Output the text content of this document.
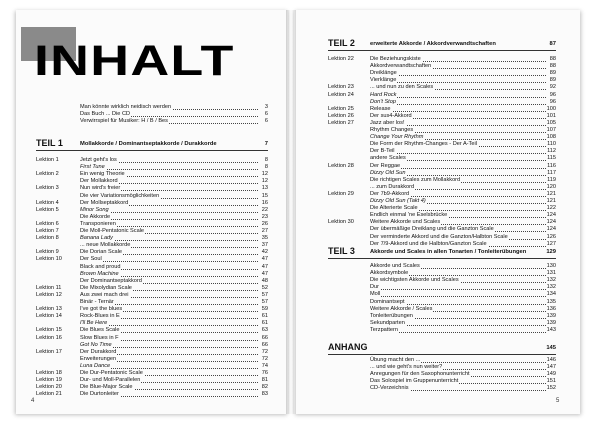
INHALT
Man könnte wirklich neidisch werden	3
Das Buch ... Die CD	6
Verwirrspiel für Musiker: H / B / Bes	6
TEIL 1	Mollakkorde / Dominantseptakkorde / Durakkorde	7
Lektion 1	Jetzt geht's los	8
First Tune	8
Lektion 2	Ein wenig Theorie	12
Der Mollakkord	12
Lektion 3	Nun wird's freier	13
Die vier Variationsmöglichkeiten	15
Lektion 4	Der Mollseptakkord	16
Lektion 5	Minor Song	22
Die Akkorde	23
Lektion 6	Transponieren	26
Lektion 7	Die Moll-Pentatonic Scale	27
Lektion 8	Banana Lady	35
... neue Mollakkorde	37
Lektion 9	Die Dorian Scale	42
Lektion 10	Der Soul	47
Black and proud	47
Brown Machine	47
Der Dominantseptakkord	48
Lektion 11	Die Mixolydian Scale	52
Lektion 12	Aus zwei mach drei	57
Binär - Ternär	57
Lektion 13	I've got the blues	59
Lektion 14	Rock-Blues in E	61
I'll Be Here	61
Lektion 15	Die Blues Scale	63
Lektion 16	Slow Blues in F	66
Got No Time	66
Lektion 17	Der Durakkord	72
Erweiterungen	72
Luna Dance	74
Lektion 18	Die Dur-Pentatonic Scale	76
Lektion 19	Dur- und Moll-Parallelen	81
Lektion 20	Die Blue-Major Scale	82
Lektion 21	Die Durtonleiter	83
TEIL 2	erweiterte Akkorde / Akkordverwandtschaften	87
Lektion 22	Die Beziehungskiste	88
Akkordverwandtschaften	88
Dreiklänge	89
Vierklänge	89
Lektion 23	... und nun zu den Scales	92
Lektion 24	Hard Rock	96
Don't Stop	96
Lektion 25	Release	100
Lektion 26	Der sus4-Akkord	101
Lektion 27	Jazz aber los!	105
Rhythm Changes	107
Change Your Rhythm	108
Die Form der Rhythm-Changes - Der A-Teil	110
Der B-Teil	112
andere Scales	115
Lektion 28	Der Reggae	116
Dizzy Old Sun	117
Die richtigen Scales zum Mollakkord	119
... zum Durakkord	120
Lektion 29	Der 7b9-Akkord	121
Dizzy Old Sun (Takt 4)	121
Die Alterierte Scale	122
Endlich einmal 'ne Eselsbrücke	124
Lektion 30	Weitere Akkorde und Scales	124
Der übermäßige Dreiklang und die Ganzton Scale	124
Der verminderte Akkord und die Ganzton/Halbton Scale	126
Der 7/9-Akkord und die Halbton/Ganzton Scale	127
TEIL 3	Akkorde und Scales in allen Tonarten / Tonleiterübungen	129
Akkorde und Scales	130
Akkordsymbole	131
Die wichtigsten Akkorde und Scales	132
Dur	132
Moll	134
Dominantsept	135
Weitere Akkorde / Scales	136
Tonleiterübungen	139
Sekundparten	139
Terzpattern	143
ANHANG	145
Übung macht den ...	146
... und wie geht's nun weiter?	147
Anregungen für den Saxophonunterricht	149
Das Solospiel im Gruppenunterricht	151
CD-Verzeichnis	152
4	5
